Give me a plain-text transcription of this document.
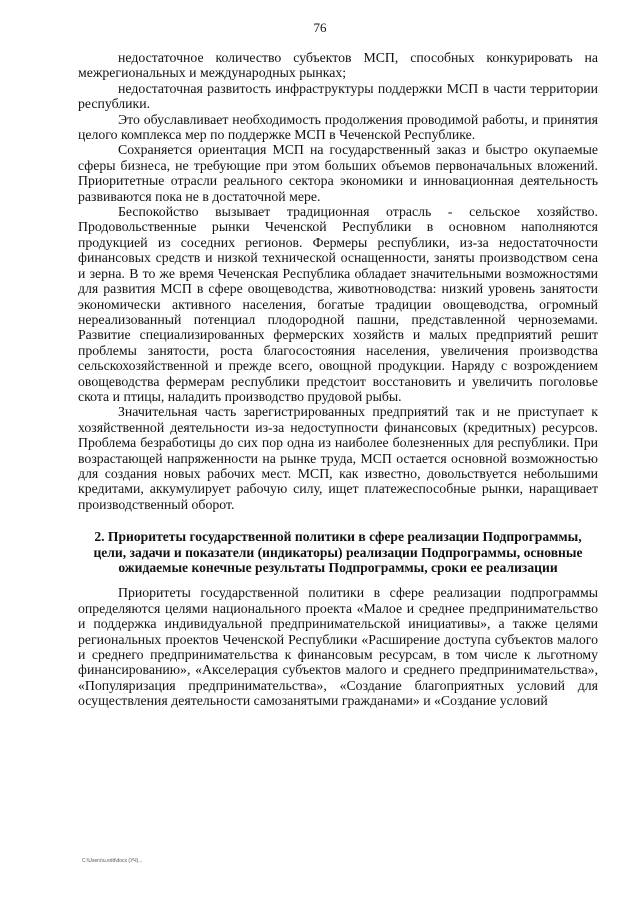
76

недостаточное количество субъектов МСП, способных конкурировать на межрегиональных и международных рынках;

недостаточная развитость инфраструктуры поддержки МСП в части территории республики.

Это обуславливает необходимость продолжения проводимой работы, и принятия целого комплекса мер по поддержке МСП в Чеченской Республике.

Сохраняется ориентация МСП на государственный заказ и быстро окупаемые сферы бизнеса, не требующие при этом больших объемов первоначальных вложений. Приоритетные отрасли реального сектора экономики и инновационная деятельность развиваются пока не в достаточной мере.

Беспокойство вызывает традиционная отрасль - сельское хозяйство. Продовольственные рынки Чеченской Республики в основном наполняются продукцией из соседних регионов. Фермеры республики, из-за недостаточности финансовых средств и низкой технической оснащенности, заняты производством сена и зерна. В то же время Чеченская Республика обладает значительными возможностями для развития МСП в сфере овощеводства, животноводства: низкий уровень занятости экономически активного населения, богатые традиции овощеводства, огромный нереализованный потенциал плодородной пашни, представленной черноземами. Развитие специализированных фермерских хозяйств и малых предприятий решит проблемы занятости, роста благосостояния населения, увеличения производства сельскохозяйственной и прежде всего, овощной продукции. Наряду с возрождением овощеводства фермерам республики предстоит восстановить и увеличить поголовье скота и птицы, наладить производство прудовой рыбы.

Значительная часть зарегистрированных предприятий так и не приступает к хозяйственной деятельности из-за недоступности финансовых (кредитных) ресурсов. Проблема безработицы до сих пор одна из наиболее болезненных для республики. При возрастающей напряженности на рынке труда, МСП остается основной возможностью для создания новых рабочих мест. МСП, как известно, довольствуется небольшими кредитами, аккумулирует рабочую силу, ищет платежеспособные рынки, наращивает производственный оборот.

2. Приоритеты государственной политики в сфере реализации Подпрограммы, цели, задачи и показатели (индикаторы) реализации Подпрограммы, основные ожидаемые конечные результаты Подпрограммы, сроки ее реализации

Приоритеты государственной политики в сфере реализации подпрограммы определяются целями национального проекта «Малое и среднее предпринимательство и поддержка индивидуальной предпринимательской инициативы», а также целями региональных проектов Чеченской Республики «Расширение доступа субъектов малого и среднего предпринимательства к финансовым ресурсам, в том числе к льготному финансированию», «Акселерация субъектов малого и среднего предпринимательства», «Популяризация предпринимательства», «Создание благоприятных условий для осуществления деятельности самозанятыми гражданами» и «Создание условий

С:\Users\u.edit\docx (УЧ)...
